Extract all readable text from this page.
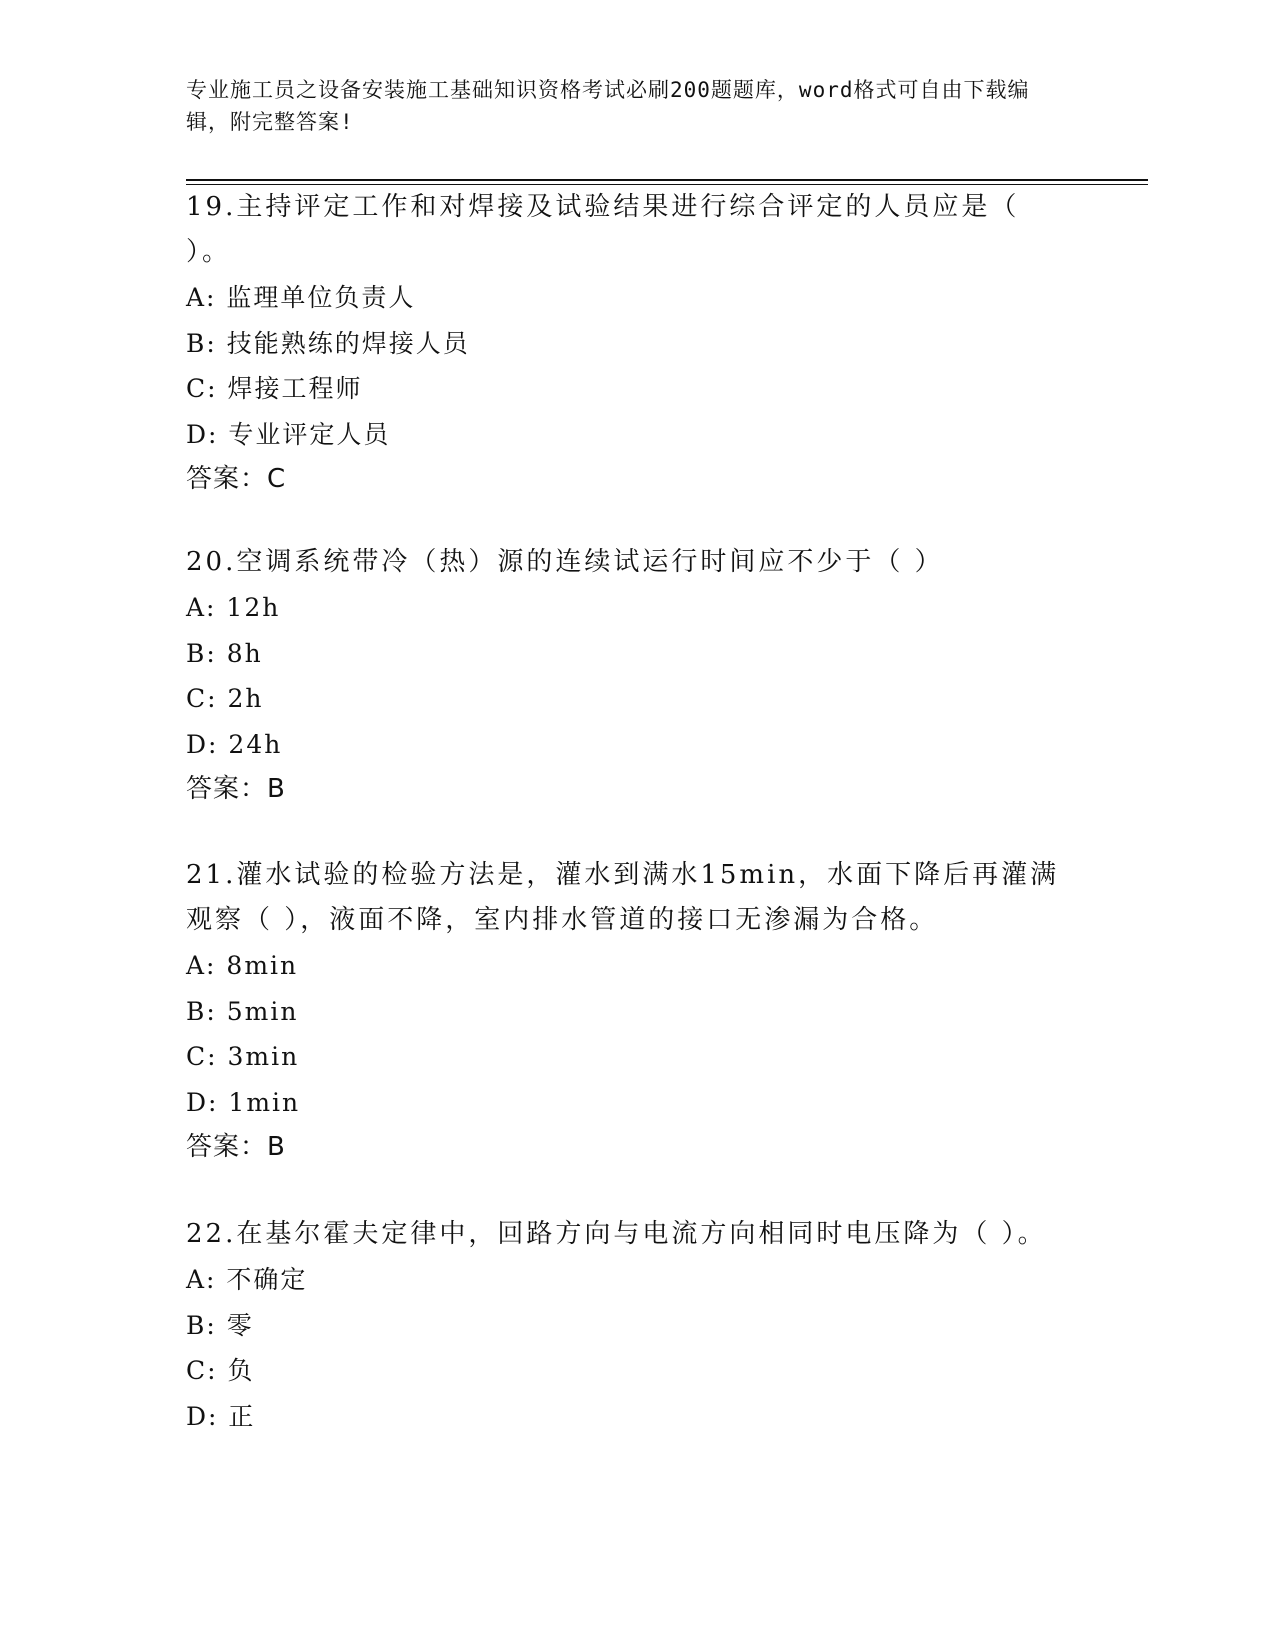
专业施工员之设备安装施工基础知识资格考试必刷200题题库，word格式可自由下载编辑，附完整答案!

19.主持评定工作和对焊接及试验结果进行综合评定的人员应是（ ）。

A: 监理单位负责人

B: 技能熟练的焊接人员

C: 焊接工程师

D: 专业评定人员

答案：C

20.空调系统带冷（热）源的连续试运行时间应不少于（ ）

A: 12h

B: 8h

C: 2h

D: 24h

答案：B

21.灌水试验的检验方法是，灌水到满水15min，水面下降后再灌满观察（ ），液面不降，室内排水管道的接口无渗漏为合格。

A: 8min

B: 5min

C: 3min

D: 1min

答案：B

22.在基尔霍夫定律中，回路方向与电流方向相同时电压降为（ ）。

A: 不确定

B: 零

C: 负

D: 正
